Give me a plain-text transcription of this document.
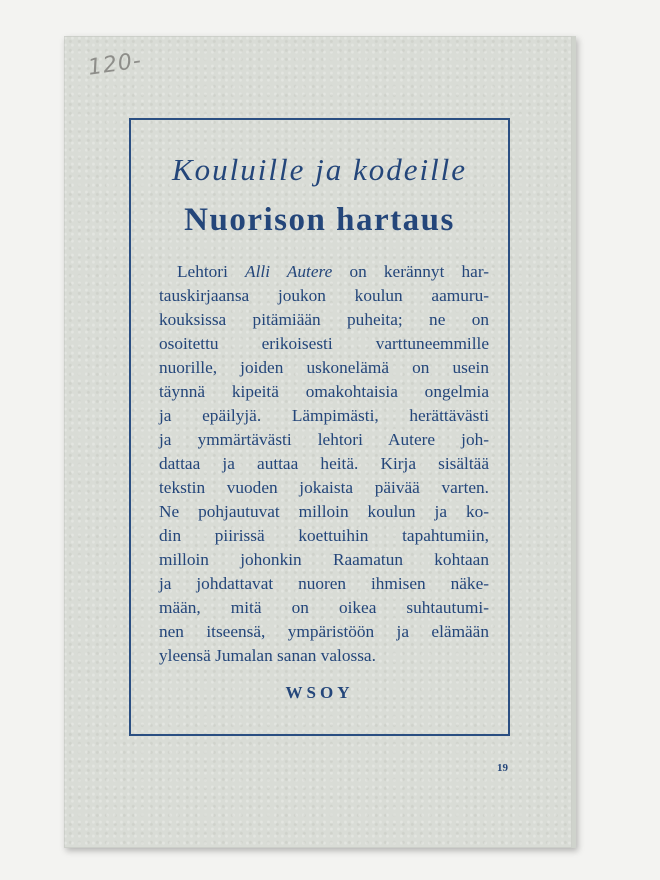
120-
Kouluille ja kodeille
Nuorison hartaus

Lehtori Alli Autere on kerännyt har-
tauskirjaansa joukon koulun aamuru-
kouksissa pitämiään puheita; ne on
osoitettu erikoisesti varttuneemmille
nuorille, joiden uskonelämä on usein
täynnä kipeitä omakohtaisia ongelmia
ja epäilyjä. Lämpimästi, herättävästi
ja ymmärtävästi lehtori Autere joh-
dattaa ja auttaa heitä. Kirja sisältää
tekstin vuoden jokaista päivää varten.
Ne pohjautuvat milloin koulun ja ko-
din piirissä koettuihin tapahtumiin,
milloin johonkin Raamatun kohtaan
ja johdattavat nuoren ihmisen näke-
mään, mitä on oikea suhtautumi-
nen itseensä, ympäristöön ja elämään
yleensä Jumalan sanan valossa.

WSOY
19
